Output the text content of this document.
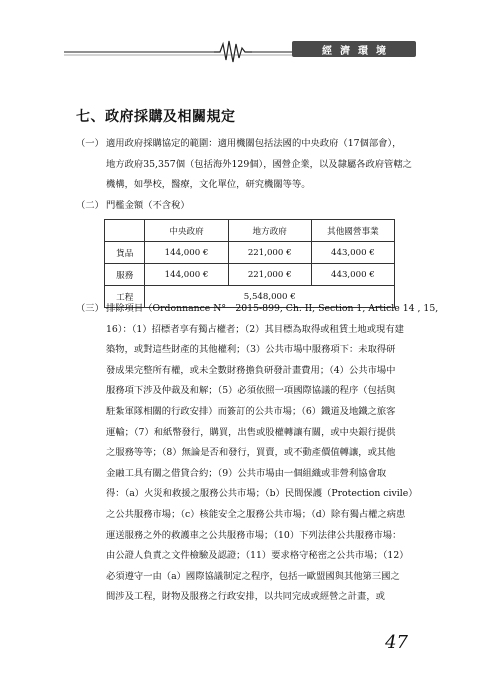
經濟環境
七、政府採購及相關規定
（一） 適用政府採購協定的範圍：適用機關包括法國的中央政府（17個部會），
地方政府35,357個（包括海外129個），國營企業，以及隸屬各政府管轄之
機構，如學校，醫療，文化單位，研究機關等等。
（二） 門檻金額（不含稅）
	中央政府	地方政府	其他國營事業
貨品	144,000 €	221,000 €	443,000 €
服務	144,000 €	221,000 €	443,000 €
工程	5,548,000 €		
（三） 排除項目（Ordonnance N°　2015-899, Ch. II, Section 1, Article 14 , 15,
16）：（1）招標者享有獨占權者；（2）其目標為取得或租賃土地或現有建
築物，或對這些財產的其他權利；（3）公共市場中服務項下：未取得研
發成果完整所有權，或未全數財務擔負研發計畫費用；（4）公共市場中
服務項下涉及仲裁及和解；（5）必須依照一項國際協議的程序（包括與
駐紮軍隊相關的行政安排）而簽訂的公共市場；（6）鐵道及地鐵之旅客
運輸；（7）和紙幣發行，購買，出售或股權轉讓有關，或中央銀行提供
之服務等等；（8）無論是否和發行，買賣，或不動產價值轉讓，或其他
金融工具有關之借貸合約；（9）公共市場由一個組織或非營利協會取
得：（a）火災和救援之服務公共市場；（b）民間保護（Protection civile）
之公共服務市場；（c）核能安全之服務公共市場；（d）除有獨占權之病患
運送服務之外的救護車之公共服務市場；（10）下列法律公共服務市場：
由公證人負責之文件檢驗及認證；（11）要求格守秘密之公共市場；（12）
必須遵守一由（a）國際協議制定之程序，包括一歐盟國與其他第三國之
間涉及工程，財物及服務之行政安排，以共同完成或經營之計畫，或
47
